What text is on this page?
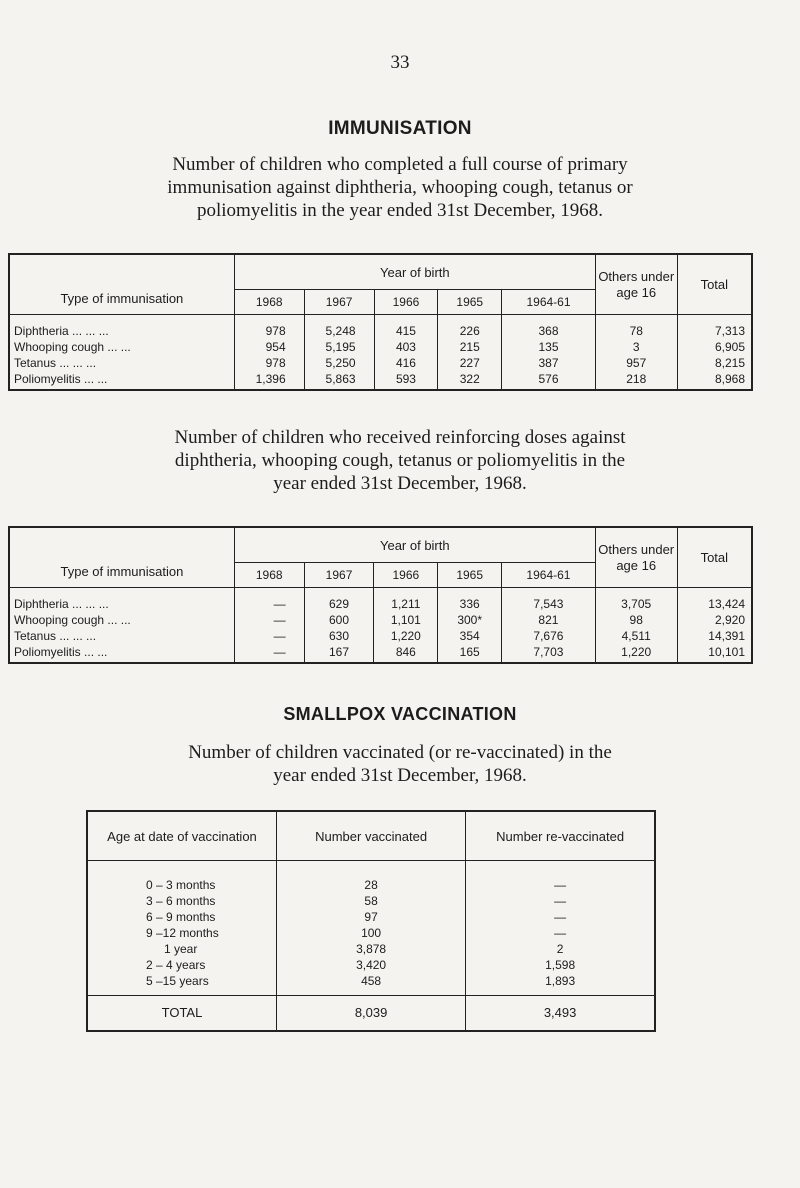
33
IMMUNISATION
Number of children who completed a full course of primary
immunisation against diphtheria, whooping cough, tetanus or
poliomyelitis in the year ended 31st December, 1968.
Type of immunisation	Year of birth					Others under age 16	Total
	1968	1967	1966	1965	1964-61		
Diphtheria ... ... ...	978	5,248	415	226	368	78	7,313
Whooping cough ... ...	954	5,195	403	215	135	3	6,905
Tetanus ... ... ...	978	5,250	416	227	387	957	8,215
Poliomyelitis ... ...	1,396	5,863	593	322	576	218	8,968
Number of children who received reinforcing doses against
diphtheria, whooping cough, tetanus or poliomyelitis in the
year ended 31st December, 1968.
Type of immunisation	Year of birth					Others under age 16	Total
	1968	1967	1966	1965	1964-61		
Diphtheria ... ... ...	—	629	1,211	336	7,543	3,705	13,424
Whooping cough ... ...	—	600	1,101	300*	821	98	2,920
Tetanus ... ... ...	—	630	1,220	354	7,676	4,511	14,391
Poliomyelitis ... ...	—	167	846	165	7,703	1,220	10,101
SMALLPOX VACCINATION
Number of children vaccinated (or re-vaccinated) in the
year ended 31st December, 1968.
Age at date of vaccination	Number vaccinated	Number re-vaccinated
0 – 3 months	28	—
3 – 6 months	58	—
6 – 9 months	97	—
9 –12 months	100	—
1 year	3,878	2
2 – 4 years	3,420	1,598
5 –15 years	458	1,893
TOTAL	8,039	3,493
